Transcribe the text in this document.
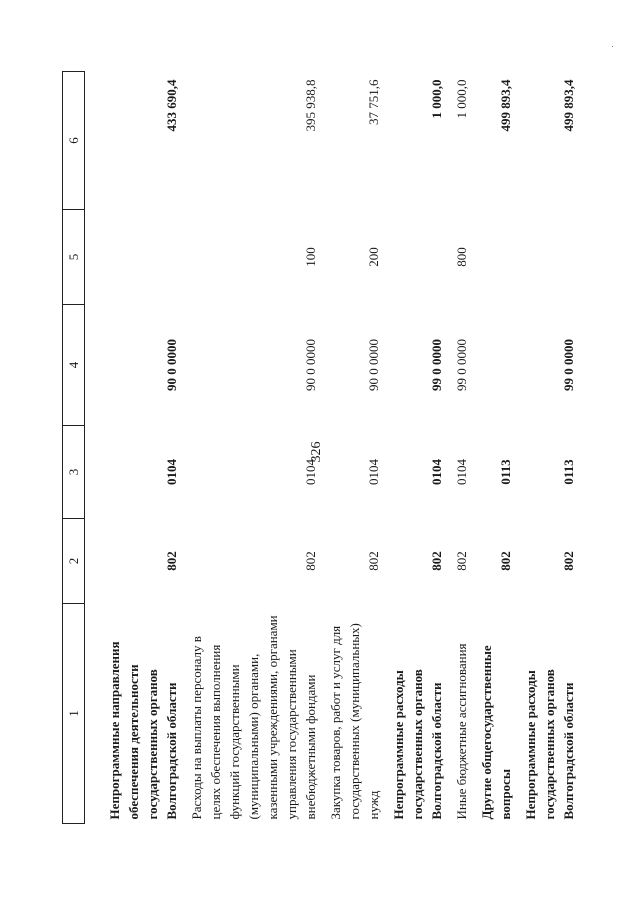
326
1	2	3	4	5	6

Непрограммные направления обеспечения деятельности государственных органов Волгоградской области	802	0104	90 0 0000		433 690,4
Расходы на выплаты персоналу в целях обеспечения выполнения функций государственными (муниципальными) органами, казенными учреждениями, органами управления государственными внебюджетными фондами	802	0104	90 0 0000	100	395 938,8
Закупка товаров, работ и услуг для государственных (муниципальных) нужд	802	0104	90 0 0000	200	37 751,6
Непрограммные расходы государственных органов Волгоградской области	802	0104	99 0 0000		1 000,0
Иные бюджетные ассигнования	802	0104	99 0 0000	800	1 000,0
Другие общегосударственные вопросы	802	0113			499 893,4
Непрограммные расходы государственных органов Волгоградской области	802	0113	99 0 0000		499 893,4
